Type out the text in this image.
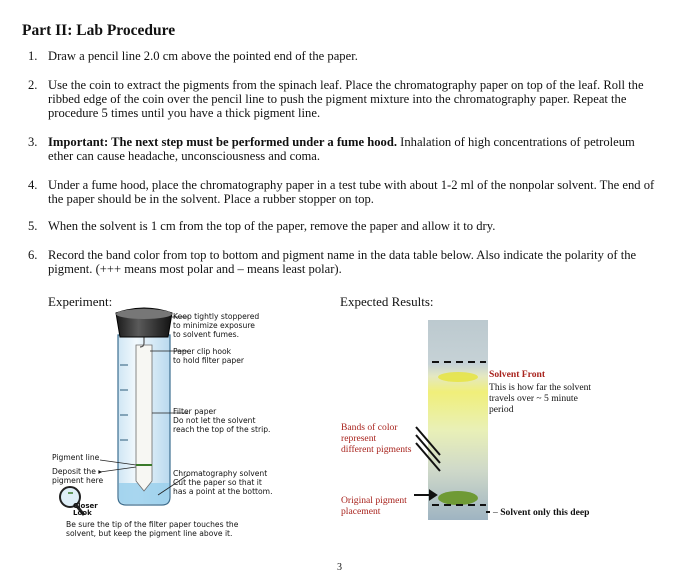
Part II: Lab Procedure
1. Draw a pencil line 2.0 cm above the pointed end of the paper.
2. Use the coin to extract the pigments from the spinach leaf. Place the chromatography paper on top of the leaf. Roll the ribbed edge of the coin over the pencil line to push the pigment mixture into the chromatography paper. Repeat the procedure 5 times until you have a thick pigment line.
3. Important: The next step must be performed under a fume hood. Inhalation of high concentrations of petroleum ether can cause headache, unconsciousness and coma.
4. Under a fume hood, place the chromatography paper in a test tube with about 1-2 ml of the nonpolar solvent. The end of the paper should be in the solvent. Place a rubber stopper on top.
5. When the solvent is 1 cm from the top of the paper, remove the paper and allow it to dry.
6. Record the band color from top to bottom and pigment name in the data table below. Also indicate the polarity of the pigment. (+++ means most polar and – means least polar).
Experiment:	Expected Results:
Keep tightly stoppered
to minimize exposure
to solvent fumes.
Paper clip hook
to hold filter paper
Filter paper
Do not let the solvent
reach the top of the strip.
Chromatography solvent
Cut the paper so that it
has a point at the bottom.
Pigment line
Deposit the ▸
pigment here
Closer
Look
Be sure the tip of the filter paper touches the
solvent, but keep the pigment line above it.
Solvent Front
This is how far the solvent
travels over ~ 5 minute
period
Bands of color
represent
different pigments
Original pigment
placement	– Solvent only this deep
3
